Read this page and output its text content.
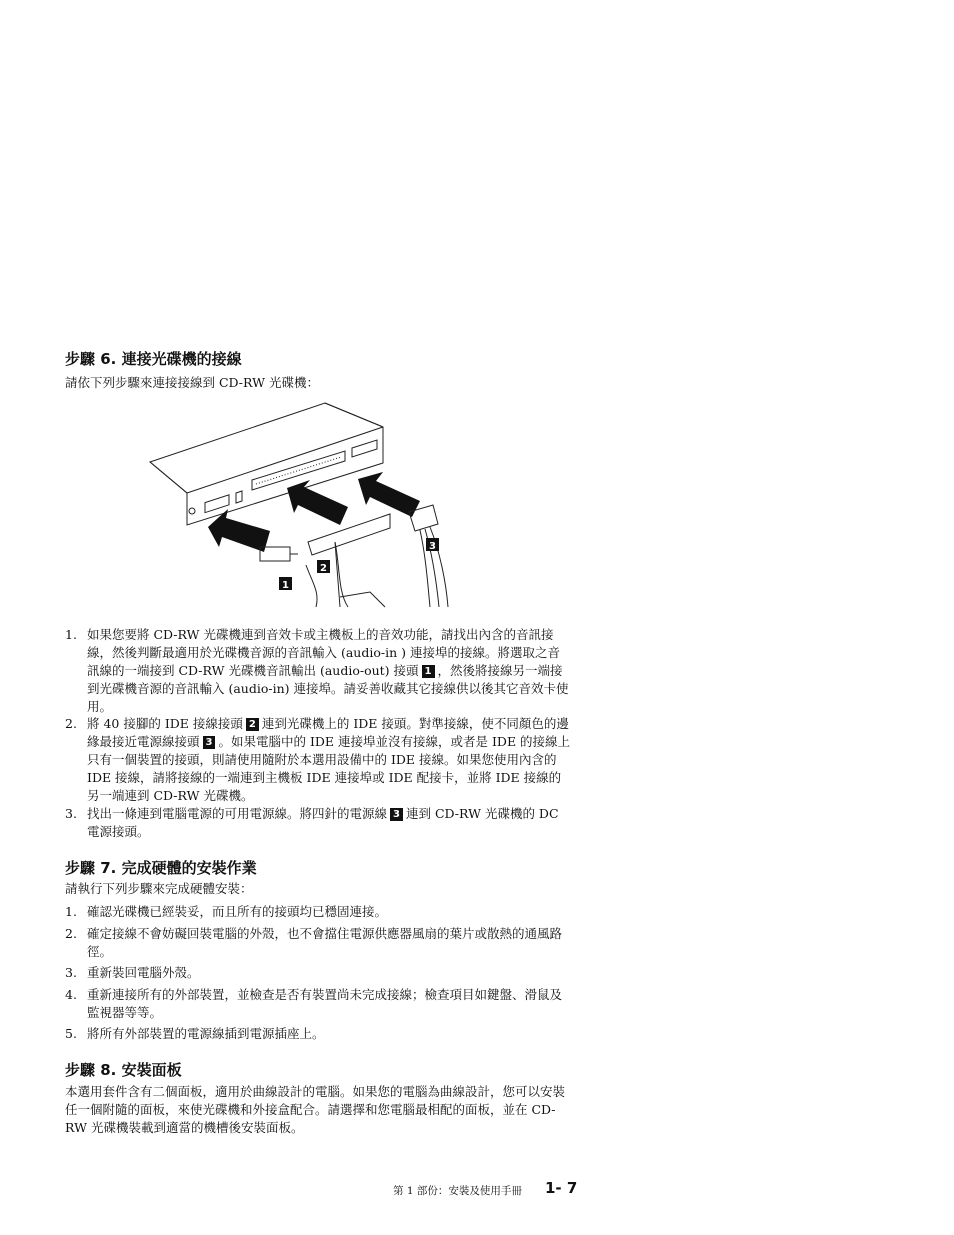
步驟 6. 連接光碟機的接線

請依下列步驟來連接接線到 CD-RW 光碟機：

1
2
3
1. 如果您要將 CD-RW 光碟機連到音效卡或主機板上的音效功能，請找出內含的音訊接線，然後判斷最適用於光碟機音源的音訊輸入 (audio-in ) 連接埠的接線。將選取之音訊線的一端接到 CD-RW 光碟機音訊輸出 (audio-out) 接頭 1 ，然後將接線另一端接到光碟機音源的音訊輸入 (audio-in) 連接埠。請妥善收藏其它接線供以後其它音效卡使用。
2. 將 40 接腳的 IDE 接線接頭 2 連到光碟機上的 IDE 接頭。對準接線，使不同顏色的邊緣最接近電源線接頭 3 。如果電腦中的 IDE 連接埠並沒有接線，或者是 IDE 的接線上只有一個裝置的接頭，則請使用隨附於本選用設備中的 IDE 接線。如果您使用內含的 IDE 接線，請將接線的一端連到主機板 IDE 連接埠或 IDE 配接卡，並將 IDE 接線的另一端連到 CD-RW 光碟機。
3. 找出一條連到電腦電源的可用電源線。將四針的電源線 3 連到 CD-RW 光碟機的 DC 電源接頭。
步驟 7. 完成硬體的安裝作業

請執行下列步驟來完成硬體安裝：

1. 確認光碟機已經裝妥，而且所有的接頭均已穩固連接。
2. 確定接線不會妨礙回裝電腦的外殼，也不會擋住電源供應器風扇的葉片或散熱的通風路徑。
3. 重新裝回電腦外殼。
4. 重新連接所有的外部裝置，並檢查是否有裝置尚未完成接線；檢查項目如鍵盤、滑鼠及監視器等等。
5. 將所有外部裝置的電源線插到電源插座上。
步驟 8. 安裝面板

本選用套件含有二個面板，適用於曲線設計的電腦。如果您的電腦為曲線設計，您可以安裝任一個附隨的面板，來使光碟機和外接盒配合。請選擇和您電腦最相配的面板，並在 CD-RW 光碟機裝載到適當的機槽後安裝面板。

第 1 部份：安裝及使用手冊 1- 7
